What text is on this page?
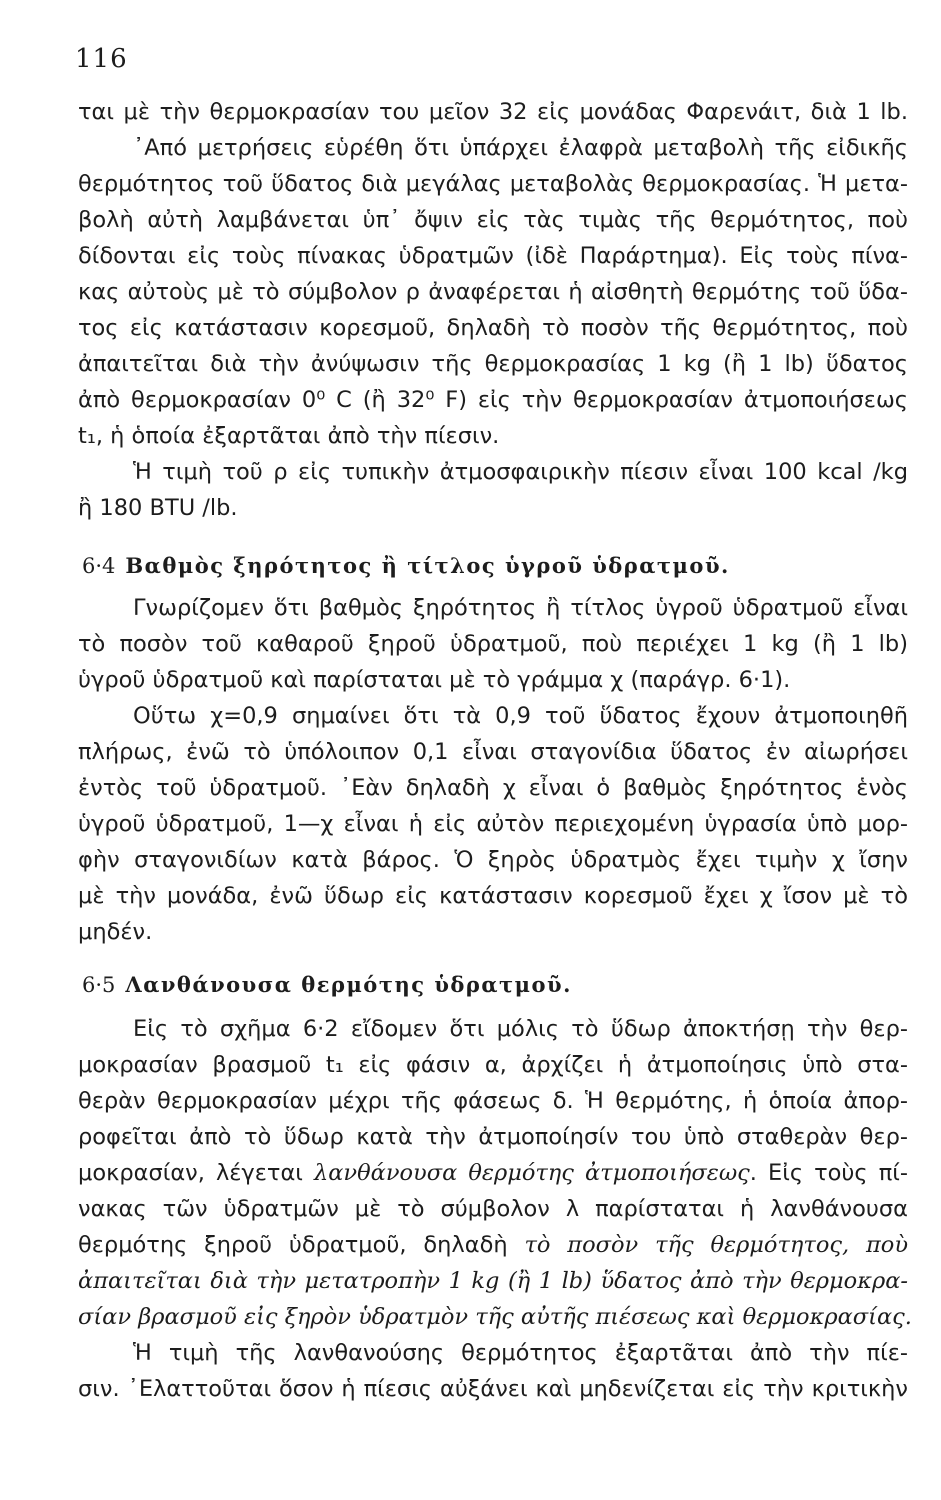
116
ται μὲ τὴν θερμοκρασίαν του μεῖον 32 εἰς μονάδας Φαρενάιτ, διὰ 1 lb.
᾿Από μετρήσεις εὑρέθη ὅτι ὑπάρχει ἐλαφρὰ μεταβολὴ τῆς εἰδικῆς
θερμότητος τοῦ ὕδατος διὰ μεγάλας μεταβολὰς θερμοκρασίας. Ἡ μετα-
βολὴ αὐτὴ λαμβάνεται ὑπ᾿ ὄψιν εἰς τὰς τιμὰς τῆς θερμότητος, ποὺ
δίδονται εἰς τοὺς πίνακας ὑδρατμῶν (ἰδὲ Παράρτημα). Εἰς τοὺς πίνα-
κας αὐτοὺς μὲ τὸ σύμβολον ρ ἀναφέρεται ἡ αἰσθητὴ θερμότης τοῦ ὕδα-
τος εἰς κατάστασιν κορεσμοῦ, δηλαδὴ τὸ ποσὸν τῆς θερμότητος, ποὺ
ἀπαιτεῖται διὰ τὴν ἀνύψωσιν τῆς θερμοκρασίας 1 kg (ἢ 1 lb) ὕδατος
ἀπὸ θερμοκρασίαν 0⁰ C (ἢ 32⁰ F) εἰς τὴν θερμοκρασίαν ἀτμοποιήσεως
t₁, ἡ ὁποία ἐξαρτᾶται ἀπὸ τὴν πίεσιν.
Ἡ τιμὴ τοῦ ρ εἰς τυπικὴν ἀτμοσφαιρικὴν πίεσιν εἶναι 100 kcal /kg
ἢ 180 BTU /lb.
6·4 Βαθμὸς ξηρότητος ἢ τίτλος ὑγροῦ ὑδρατμοῦ.
Γνωρίζομεν ὅτι βαθμὸς ξηρότητος ἢ τίτλος ὑγροῦ ὑδρατμοῦ εἶναι
τὸ ποσὸν τοῦ καθαροῦ ξηροῦ ὑδρατμοῦ, ποὺ περιέχει 1 kg (ἢ 1 lb)
ὑγροῦ ὑδρατμοῦ καὶ παρίσταται μὲ τὸ γράμμα χ (παράγρ. 6·1).
Οὕτω χ=0,9 σημαίνει ὅτι τὰ 0,9 τοῦ ὕδατος ἔχουν ἀτμοποιηθῆ
πλήρως, ἐνῶ τὸ ὑπόλοιπον 0,1 εἶναι σταγονίδια ὕδατος ἐν αἰωρήσει
ἐντὸς τοῦ ὑδρατμοῦ. ᾿Εὰν δηλαδὴ χ εἶναι ὁ βαθμὸς ξηρότητος ἑνὸς
ὑγροῦ ὑδρατμοῦ, 1—χ εἶναι ἡ εἰς αὐτὸν περιεχομένη ὑγρασία ὑπὸ μορ-
φὴν σταγονιδίων κατὰ βάρος. Ὁ ξηρὸς ὑδρατμὸς ἔχει τιμὴν χ ἴσην
μὲ τὴν μονάδα, ἐνῶ ὕδωρ εἰς κατάστασιν κορεσμοῦ ἔχει χ ἴσον μὲ τὸ
μηδέν.
6·5 Λανθάνουσα θερμότης ὑδρατμοῦ.
Εἰς τὸ σχῆμα 6·2 εἴδομεν ὅτι μόλις τὸ ὕδωρ ἀποκτήσῃ τὴν θερ-
μοκρασίαν βρασμοῦ t₁ εἰς φάσιν α, ἀρχίζει ἡ ἀτμοποίησις ὑπὸ στα-
θερὰν θερμοκρασίαν μέχρι τῆς φάσεως δ. Ἡ θερμότης, ἡ ὁποία ἀπορ-
ροφεῖται ἀπὸ τὸ ὕδωρ κατὰ τὴν ἀτμοποίησίν του ὑπὸ σταθερὰν θερ-
μοκρασίαν, λέγεται λανθάνουσα θερμότης ἀτμοποιήσεως. Εἰς τοὺς πί-
νακας τῶν ὑδρατμῶν μὲ τὸ σύμβολον λ παρίσταται ἡ λανθάνουσα
θερμότης ξηροῦ ὑδρατμοῦ, δηλαδὴ τὸ ποσὸν τῆς θερμότητος, ποὺ
ἀπαιτεῖται διὰ τὴν μετατροπὴν 1 kg (ἢ 1 lb) ὕδατος ἀπὸ τὴν θερμοκρα-
σίαν βρασμοῦ εἰς ξηρὸν ὑδρατμὸν τῆς αὐτῆς πιέσεως καὶ θερμοκρασίας.
Ἡ τιμὴ τῆς λανθανούσης θερμότητος ἐξαρτᾶται ἀπὸ τὴν πίε-
σιν. ᾿Ελαττοῦται ὅσον ἡ πίεσις αὐξάνει καὶ μηδενίζεται εἰς τὴν κριτικὴν
